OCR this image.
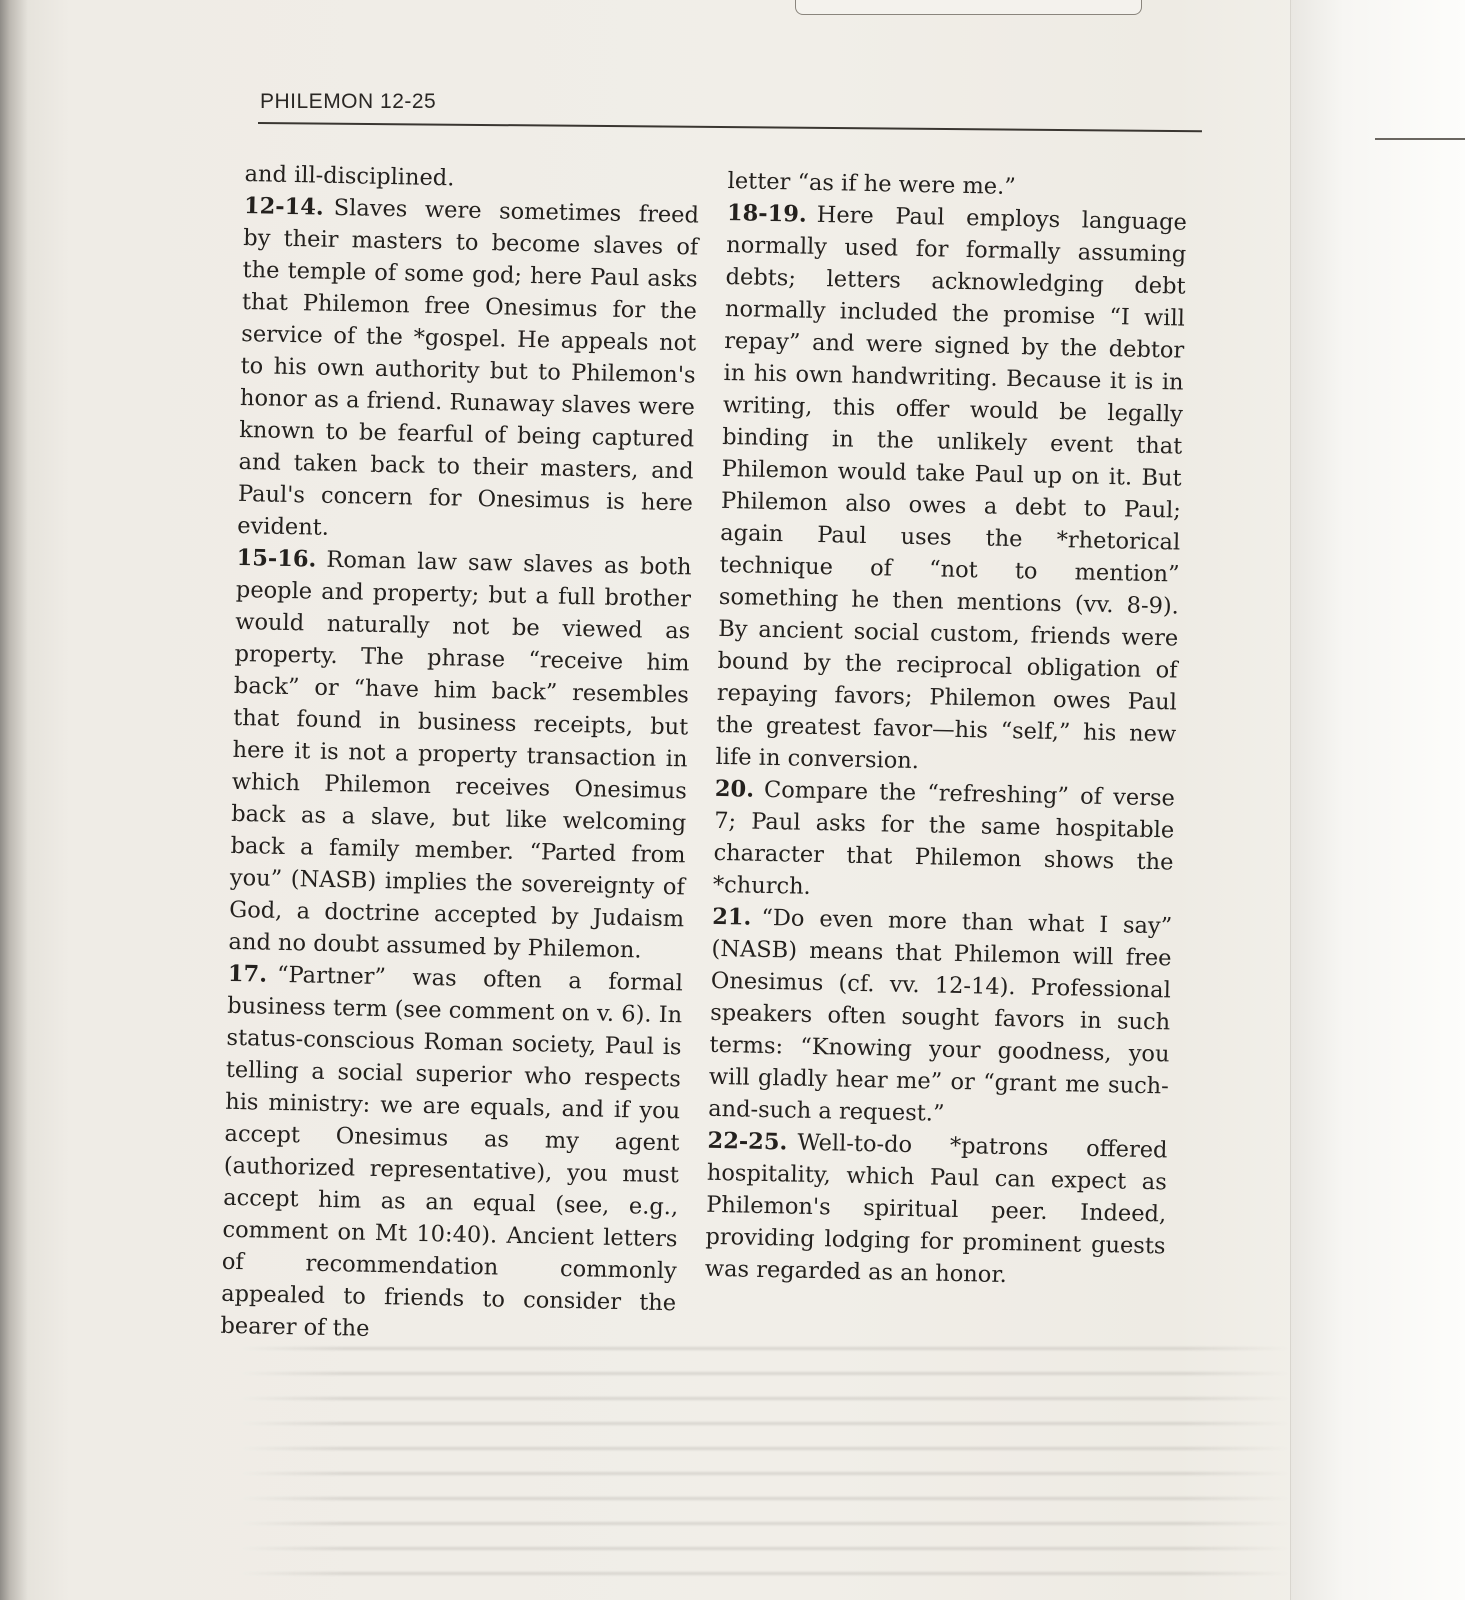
PHILEMON 12-25

and ill-disciplined.

12-14. Slaves were sometimes freed by their masters to become slaves of the temple of some god; here Paul asks that Philemon free Onesimus for the service of the *gospel. He appeals not to his own authority but to Philemon's honor as a friend. Runaway slaves were known to be fearful of being captured and taken back to their masters, and Paul's concern for Onesimus is here evident.

15-16. Roman law saw slaves as both people and property; but a full brother would naturally not be viewed as property. The phrase “receive him back” or “have him back” resembles that found in business receipts, but here it is not a property transaction in which Philemon receives Onesimus back as a slave, but like welcoming back a family member. “Parted from you” (NASB) implies the sovereignty of God, a doctrine accepted by Judaism and no doubt assumed by Philemon.

17. “Partner” was often a formal business term (see comment on v. 6). In status-conscious Roman society, Paul is telling a social superior who respects his ministry: we are equals, and if you accept Onesimus as my agent (authorized representative), you must accept him as an equal (see, e.g., comment on Mt 10:40). Ancient letters of recommendation commonly appealed to friends to consider the bearer of the

letter “as if he were me.”

18-19. Here Paul employs language normally used for formally assuming debts; letters acknowledging debt normally included the promise “I will repay” and were signed by the debtor in his own handwriting. Because it is in writing, this offer would be legally binding in the unlikely event that Philemon would take Paul up on it. But Philemon also owes a debt to Paul; again Paul uses the *rhetorical technique of “not to mention” something he then mentions (vv. 8-9). By ancient social custom, friends were bound by the reciprocal obligation of repaying favors; Philemon owes Paul the greatest favor—his “self,” his new life in conversion.

20. Compare the “refreshing” of verse 7; Paul asks for the same hospitable character that Philemon shows the *church.

21. “Do even more than what I say” (NASB) means that Philemon will free Onesimus (cf. vv. 12-14). Professional speakers often sought favors in such terms: “Knowing your goodness, you will gladly hear me” or “grant me such-and-such a request.”

22-25. Well-to-do *patrons offered hospitality, which Paul can expect as Philemon's spiritual peer. Indeed, providing lodging for prominent guests was regarded as an honor.
